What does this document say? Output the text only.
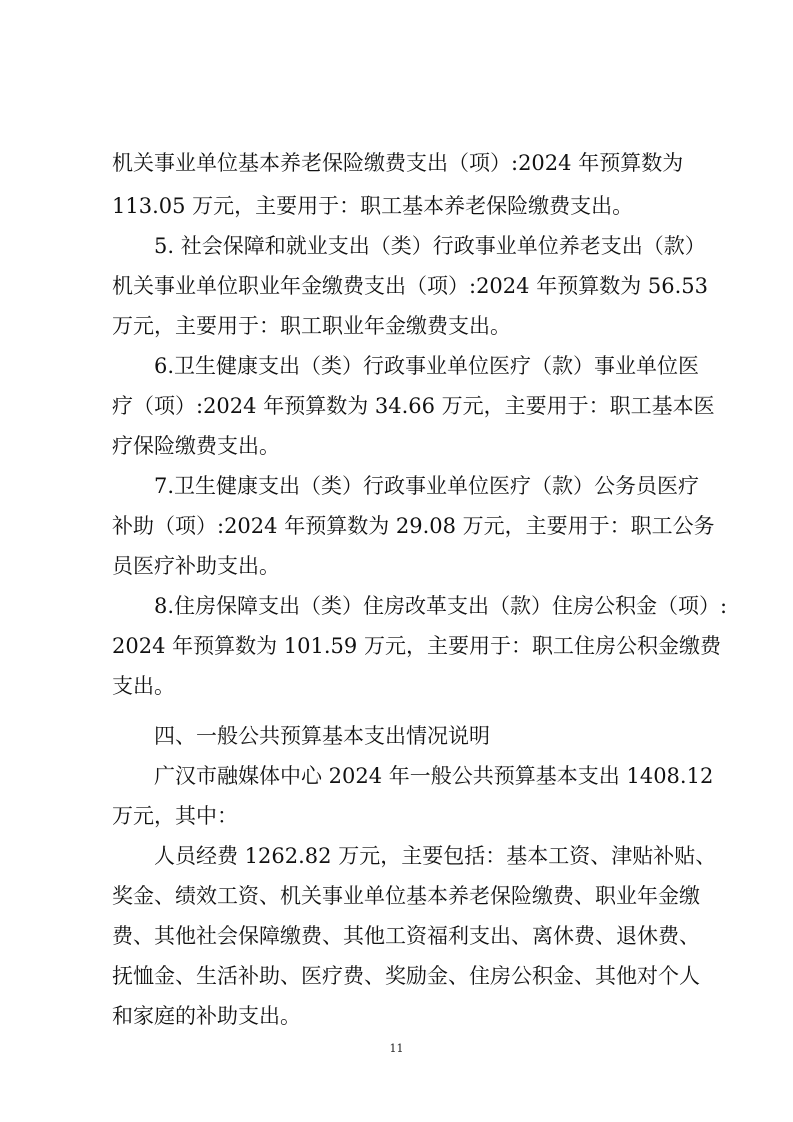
机关事业单位基本养老保险缴费支出（项）:2024 年预算数为
113.05 万元，主要用于：职工基本养老保险缴费支出。
5. 社会保障和就业支出（类）行政事业单位养老支出（款）
机关事业单位职业年金缴费支出（项）:2024 年预算数为 56.53
万元，主要用于：职工职业年金缴费支出。
6.卫生健康支出（类）行政事业单位医疗（款）事业单位医
疗（项）:2024 年预算数为 34.66 万元，主要用于：职工基本医
疗保险缴费支出。
7.卫生健康支出（类）行政事业单位医疗（款）公务员医疗
补助（项）:2024 年预算数为 29.08 万元，主要用于：职工公务
员医疗补助支出。
8.住房保障支出（类）住房改革支出（款）住房公积金（项）:
2024 年预算数为 101.59 万元，主要用于：职工住房公积金缴费
支出。
四、一般公共预算基本支出情况说明
广汉市融媒体中心 2024 年一般公共预算基本支出 1408.12
万元，其中：
人员经费 1262.82 万元，主要包括：基本工资、津贴补贴、
奖金、绩效工资、机关事业单位基本养老保险缴费、职业年金缴
费、其他社会保障缴费、其他工资福利支出、离休费、退休费、
抚恤金、生活补助、医疗费、奖励金、住房公积金、其他对个人
和家庭的补助支出。
11
